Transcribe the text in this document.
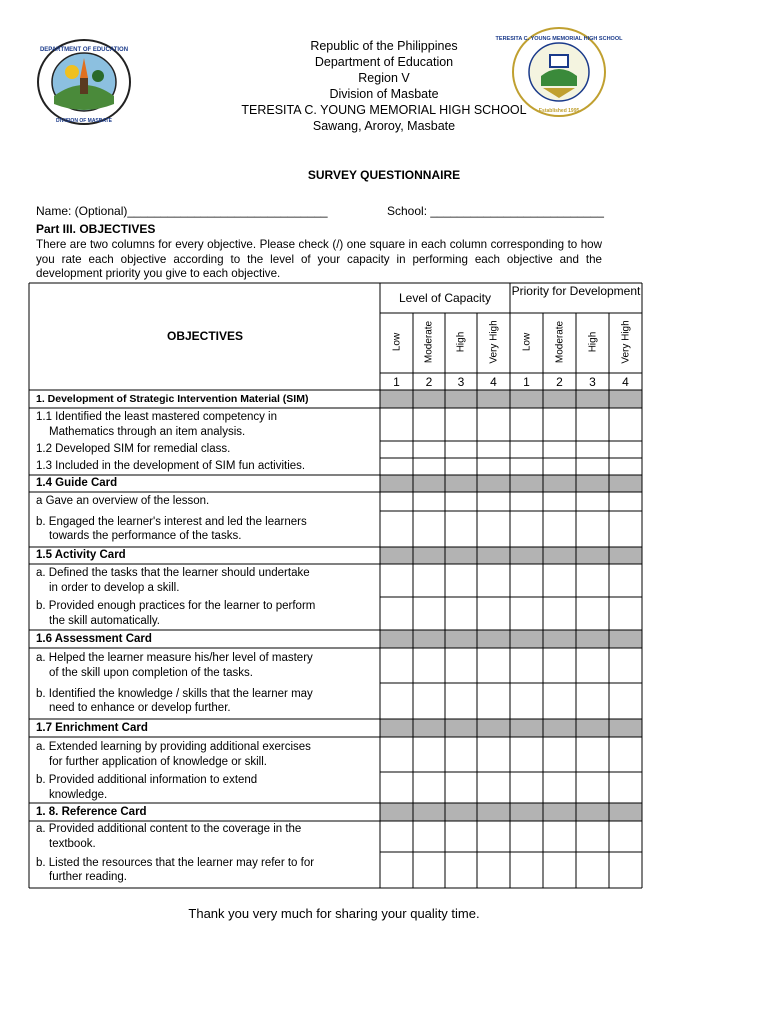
DEPARTMENT OF EDUCATION
DIVISION OF MASBATE
TERESITA C. YOUNG MEMORIAL HIGH SCHOOL
Established 1995
Republic of the Philippines
Department of Education
Region V
Division of Masbate
TERESITA C. YOUNG MEMORIAL HIGH SCHOOL
Sawang, Aroroy, Masbate
SURVEY QUESTIONNAIRE
Name: (Optional)______________________________	School: __________________________
Part III. OBJECTIVES
There are two columns for every objective. Please check (/) one square in each column corresponding to how you rate each objective according to the level of your capacity in performing each objective and the development priority you give to each objective.
OBJECTIVES
Level of Capacity	Priority for Development
Low Moderate High Very High Low Moderate High Very High
1	2	3	4	1	2	3	4
1. Development of Strategic Intervention Material (SIM)
1.1 Identified the least mastered competency in
Mathematics through an item analysis.
1.2 Developed SIM for remedial class.
1.3 Included in the development of SIM fun activities.
1.4 Guide Card
a Gave an overview of the lesson.
b. Engaged the learner's interest and led the learners
towards the performance of the tasks.
1.5 Activity Card
a. Defined the tasks that the learner should undertake
in order to develop a skill.
b. Provided enough practices for the learner to perform
the skill automatically.
1.6 Assessment Card
a. Helped the learner measure his/her level of mastery
of the skill upon completion of the tasks.
b. Identified the knowledge / skills that the learner may
need to enhance or develop further.
1.7 Enrichment Card
a. Extended learning by providing additional exercises
for further application of knowledge or skill.
b. Provided additional information to extend
knowledge.
1. 8. Reference Card
a. Provided additional content to the coverage in the
textbook.
b. Listed the resources that the learner may refer to for
further reading.
Thank you very much for sharing your quality time.
